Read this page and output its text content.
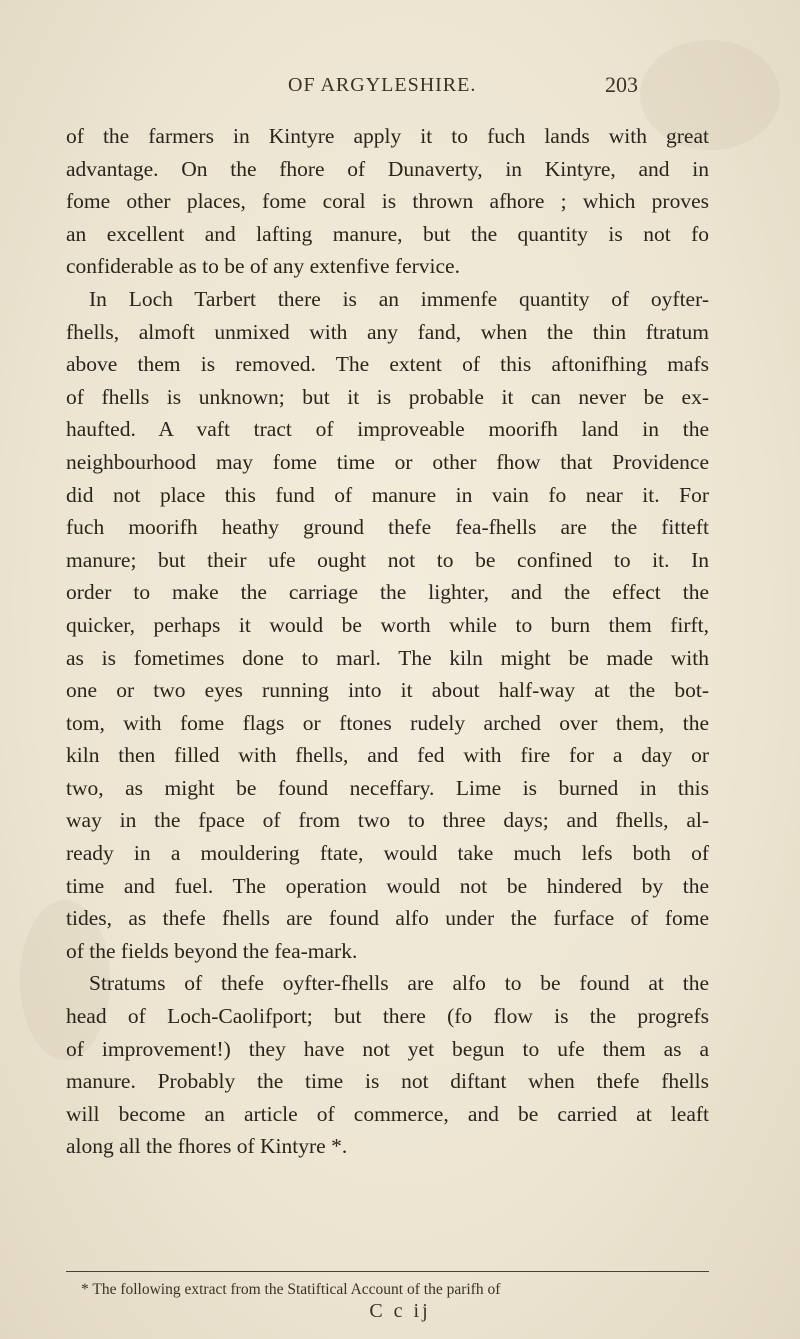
OF ARGYLESHIRE.	203
of the farmers in Kintyre apply it to fuch lands with great
advantage. On the fhore of Dunaverty, in Kintyre, and in
fome other places, fome coral is thrown afhore ; which proves
an excellent and lafting manure, but the quantity is not fo
confiderable as to be of any extenfive fervice.
In Loch Tarbert there is an immenfe quantity of oyfter-
fhells, almoft unmixed with any fand, when the thin ftratum
above them is removed. The extent of this aftonifhing mafs
of fhells is unknown; but it is probable it can never be ex-
haufted. A vaft tract of improveable moorifh land in the
neighbourhood may fome time or other fhow that Providence
did not place this fund of manure in vain fo near it. For
fuch moorifh heathy ground thefe fea-fhells are the fitteft
manure; but their ufe ought not to be confined to it. In
order to make the carriage the lighter, and the effect the
quicker, perhaps it would be worth while to burn them firft,
as is fometimes done to marl. The kiln might be made with
one or two eyes running into it about half-way at the bot-
tom, with fome flags or ftones rudely arched over them, the
kiln then filled with fhells, and fed with fire for a day or
two, as might be found neceffary. Lime is burned in this
way in the fpace of from two to three days; and fhells, al-
ready in a mouldering ftate, would take much lefs both of
time and fuel. The operation would not be hindered by the
tides, as thefe fhells are found alfo under the furface of fome
of the fields beyond the fea-mark.
Stratums of thefe oyfter-fhells are alfo to be found at the
head of Loch-Caolifport; but there (fo flow is the progrefs
of improvement!) they have not yet begun to ufe them as a
manure. Probably the time is not diftant when thefe fhells
will become an article of commerce, and be carried at leaft
along all the fhores of Kintyre *.
* The following extract from the Statiftical Account of the parifh of
C c ij
